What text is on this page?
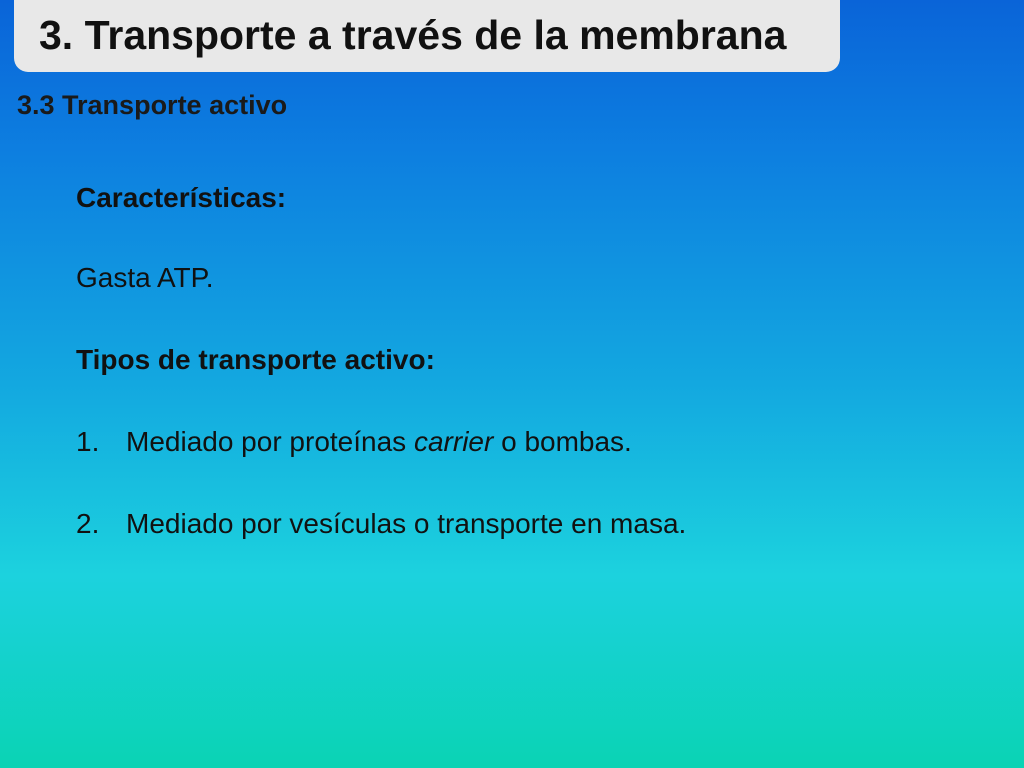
3. Transporte a través de la membrana
3.3 Transporte activo

Características:

Gasta ATP.

Tipos de transporte activo:

1. Mediado por proteínas carrier o bombas.

2. Mediado por vesículas o transporte en masa.
